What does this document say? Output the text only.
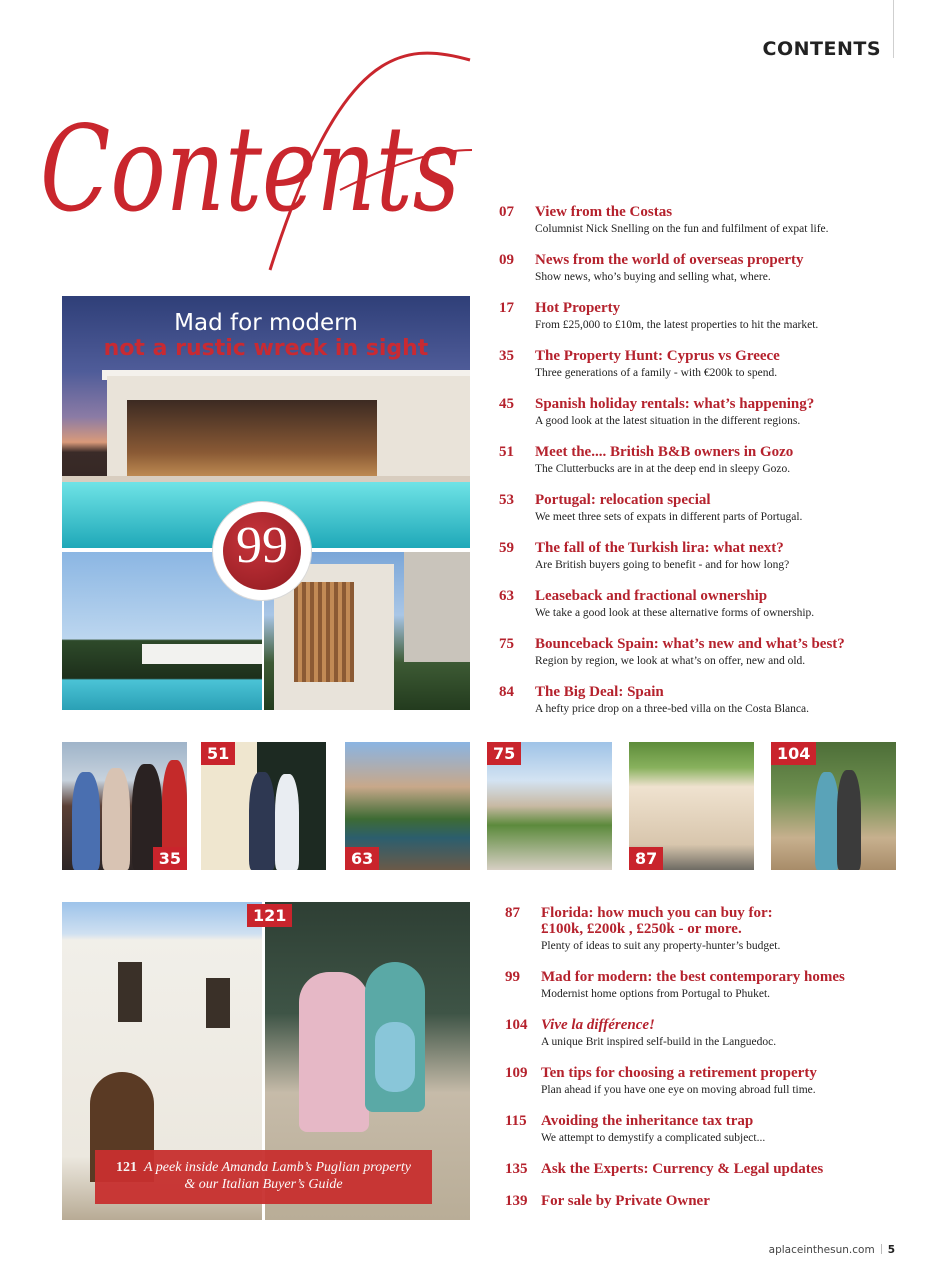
CONTENTS
Contents	07 View from the Costas
Columnist Nick Snelling on the fun and fulfilment of expat life.
09 News from the world of overseas property
Show news, who’s buying and selling what, where.
17 Hot Property
From £25,000 to £10m, the latest properties to hit the market.
35 The Property Hunt: Cyprus vs Greece
Three generations of a family - with €200k to spend.
45 Spanish holiday rentals: what’s happening?
A good look at the latest situation in the different regions.
51 Meet the.... British B&B owners in Gozo
The Clutterbucks are in at the deep end in sleepy Gozo.
53 Portugal: relocation special
We meet three sets of expats in different parts of Portugal.
59 The fall of the Turkish lira: what next?
Are British buyers going to benefit - and for how long?
63 Leaseback and fractional ownership
We take a good look at these alternative forms of ownership.
75 Bounceback Spain: what’s new and what’s best?
Region by region, we look at what’s on offer, new and old.
84 The Big Deal: Spain
A hefty price drop on a three-bed villa on the Costa Blanca.
Mad for modern
not a rustic wreck in sight
99
35
51
63
75
87
104
121
121 A peek inside Amanda Lamb’s Puglian property
& our Italian Buyer’s Guide
87 Florida: how much you can buy for:
£100k, £200k , £250k - or more.
Plenty of ideas to suit any property-hunter’s budget.
99 Mad for modern: the best contemporary homes
Modernist home options from Portugal to Phuket.
104 Vive la différence!
A unique Brit inspired self-build in the Languedoc.
109 Ten tips for choosing a retirement property
Plan ahead if you have one eye on moving abroad full time.
115 Avoiding the inheritance tax trap
We attempt to demystify a complicated subject...
135 Ask the Experts: Currency & Legal updates
139 For sale by Private Owner
aplaceinthesun.com 5
